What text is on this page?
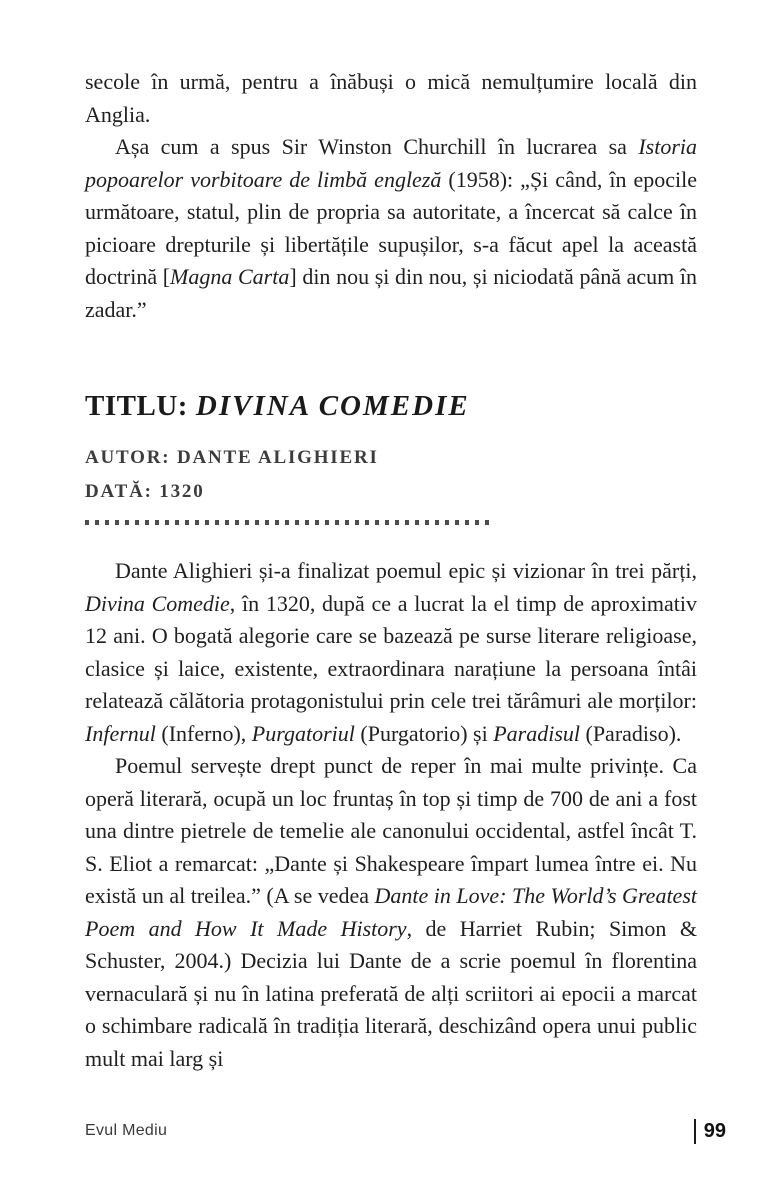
secole în urmă, pentru a înăbuși o mică nemulțumire locală din Anglia.

Așa cum a spus Sir Winston Churchill în lucrarea sa Istoria popoarelor vorbitoare de limbă engleză (1958): „Și când, în epocile următoare, statul, plin de propria sa autoritate, a încercat să calce în picioare drepturile și libertățile supușilor, s-a făcut apel la această doctrină [Magna Carta] din nou și din nou, și niciodată până acum în zadar.”

TITLU: DIVINA COMEDIE
AUTOR: DANTE ALIGHIERI
DATĂ: 1320

Dante Alighieri și-a finalizat poemul epic și vizionar în trei părți, Divina Comedie, în 1320, după ce a lucrat la el timp de aproximativ 12 ani. O bogată alegorie care se bazează pe surse literare religioase, clasice și laice, existente, extraordinara narațiune la persoana întâi relatează călătoria protagonistului prin cele trei tărâmuri ale morților: Infernul (Inferno), Purgatoriul (Purgatorio) și Paradisul (Paradiso).

Poemul servește drept punct de reper în mai multe privințe. Ca operă literară, ocupă un loc fruntaș în top și timp de 700 de ani a fost una dintre pietrele de temelie ale canonului occidental, astfel încât T. S. Eliot a remarcat: „Dante și Shakespeare împart lumea între ei. Nu există un al treilea.” (A se vedea Dante in Love: The World’s Greatest Poem and How It Made History, de Harriet Rubin; Simon & Schuster, 2004.) Decizia lui Dante de a scrie poemul în florentina vernaculară și nu în latina preferată de alți scriitori ai epocii a marcat o schimbare radicală în tradiția literară, deschizând opera unui public mult mai larg și

Evul Mediu	99
